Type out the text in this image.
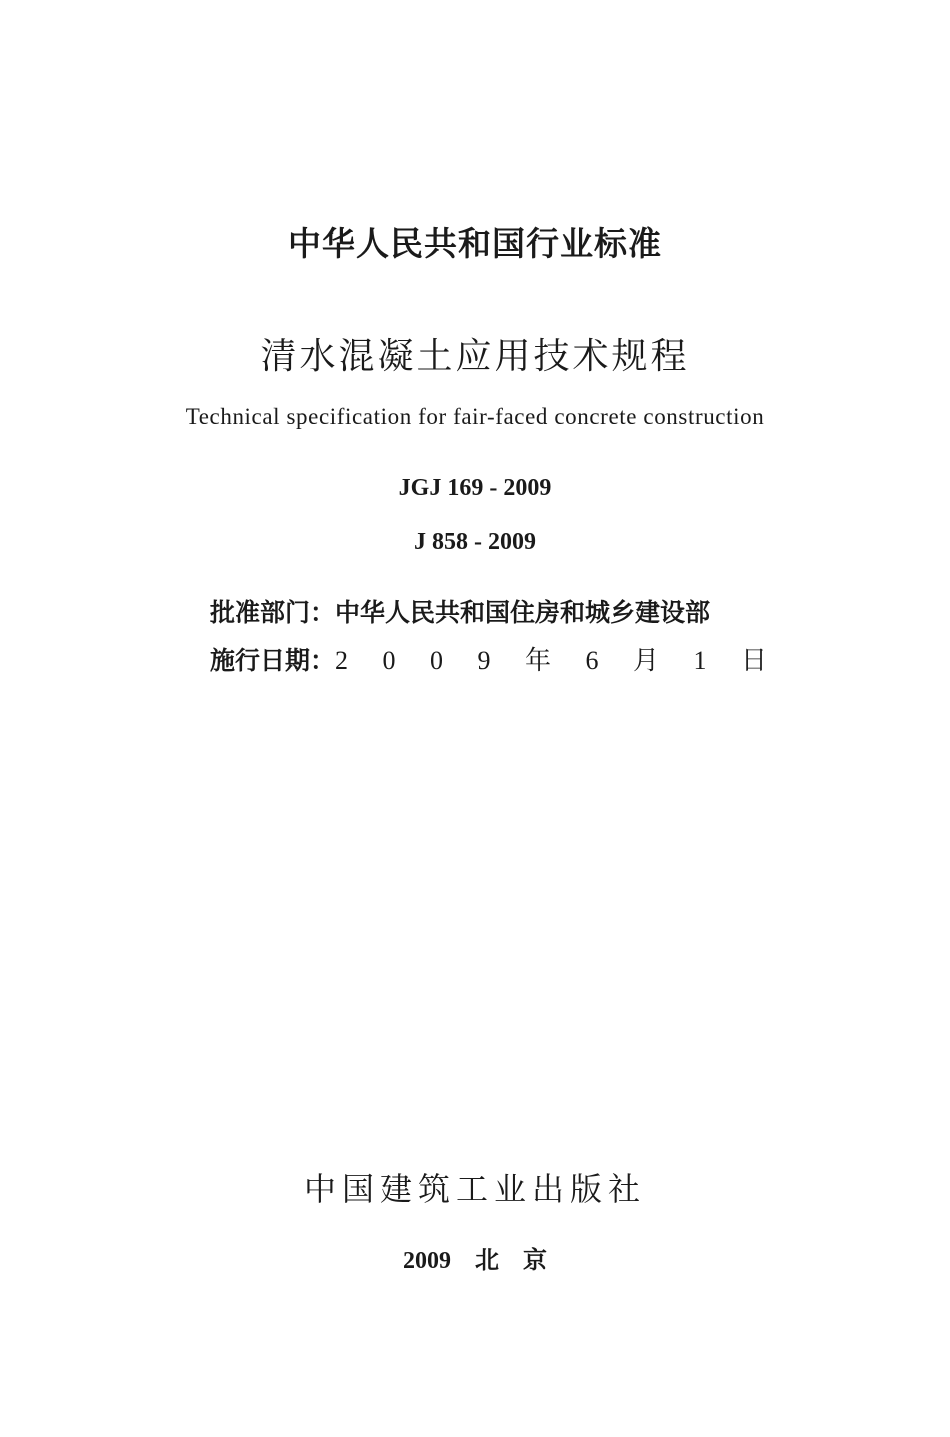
中华人民共和国行业标准
清水混凝土应用技术规程
Technical specification for fair-faced concrete construction
JGJ 169 - 2009
J 858 - 2009
批准部门：中华人民共和国住房和城乡建设部
施行日期：2 0 0 9 年 6 月 1 日
中国建筑工业出版社
2009 北 京
